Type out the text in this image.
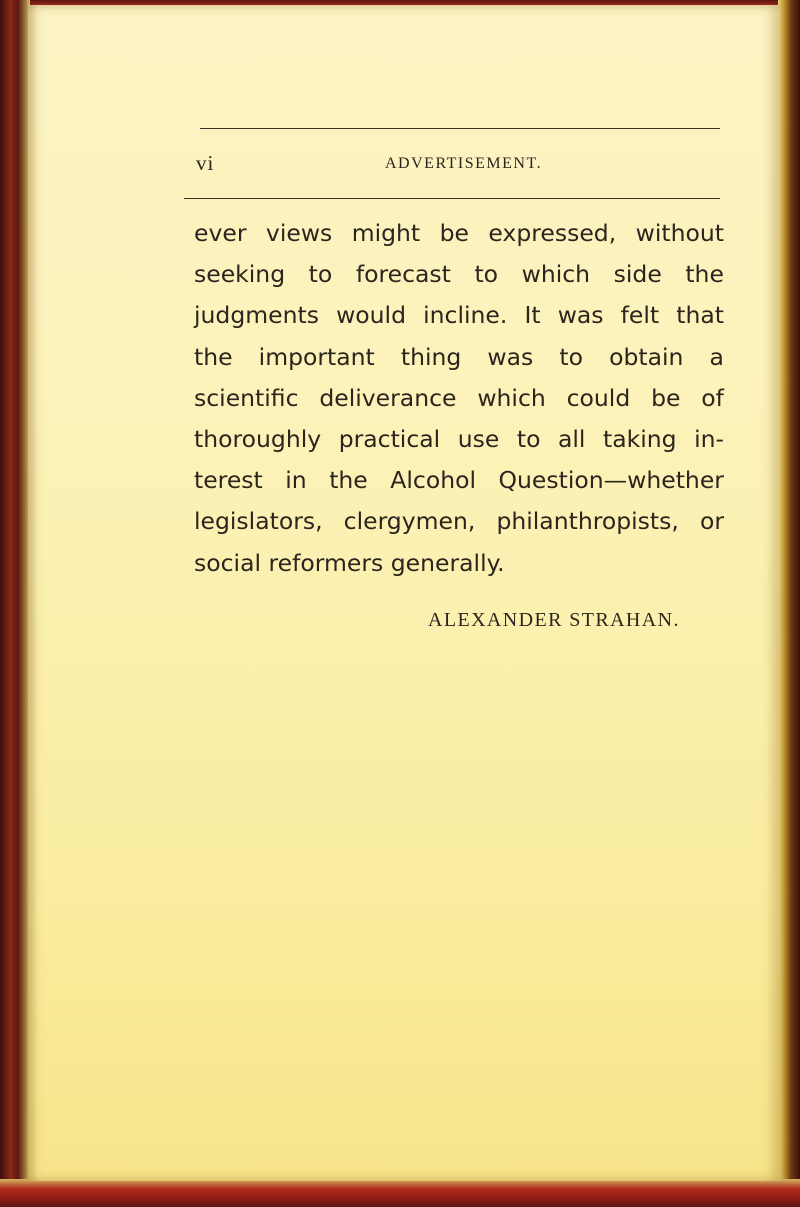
vi	ADVERTISEMENT.
ever views might be expressed, without
seeking to forecast to which side the
judgments would incline. It was felt that
the important thing was to obtain a
scientific deliverance which could be of
thoroughly practical use to all taking in-
terest in the Alcohol Question—whether
legislators, clergymen, philanthropists, or
social
reformers
generally.
ALEXANDER STRAHAN.
